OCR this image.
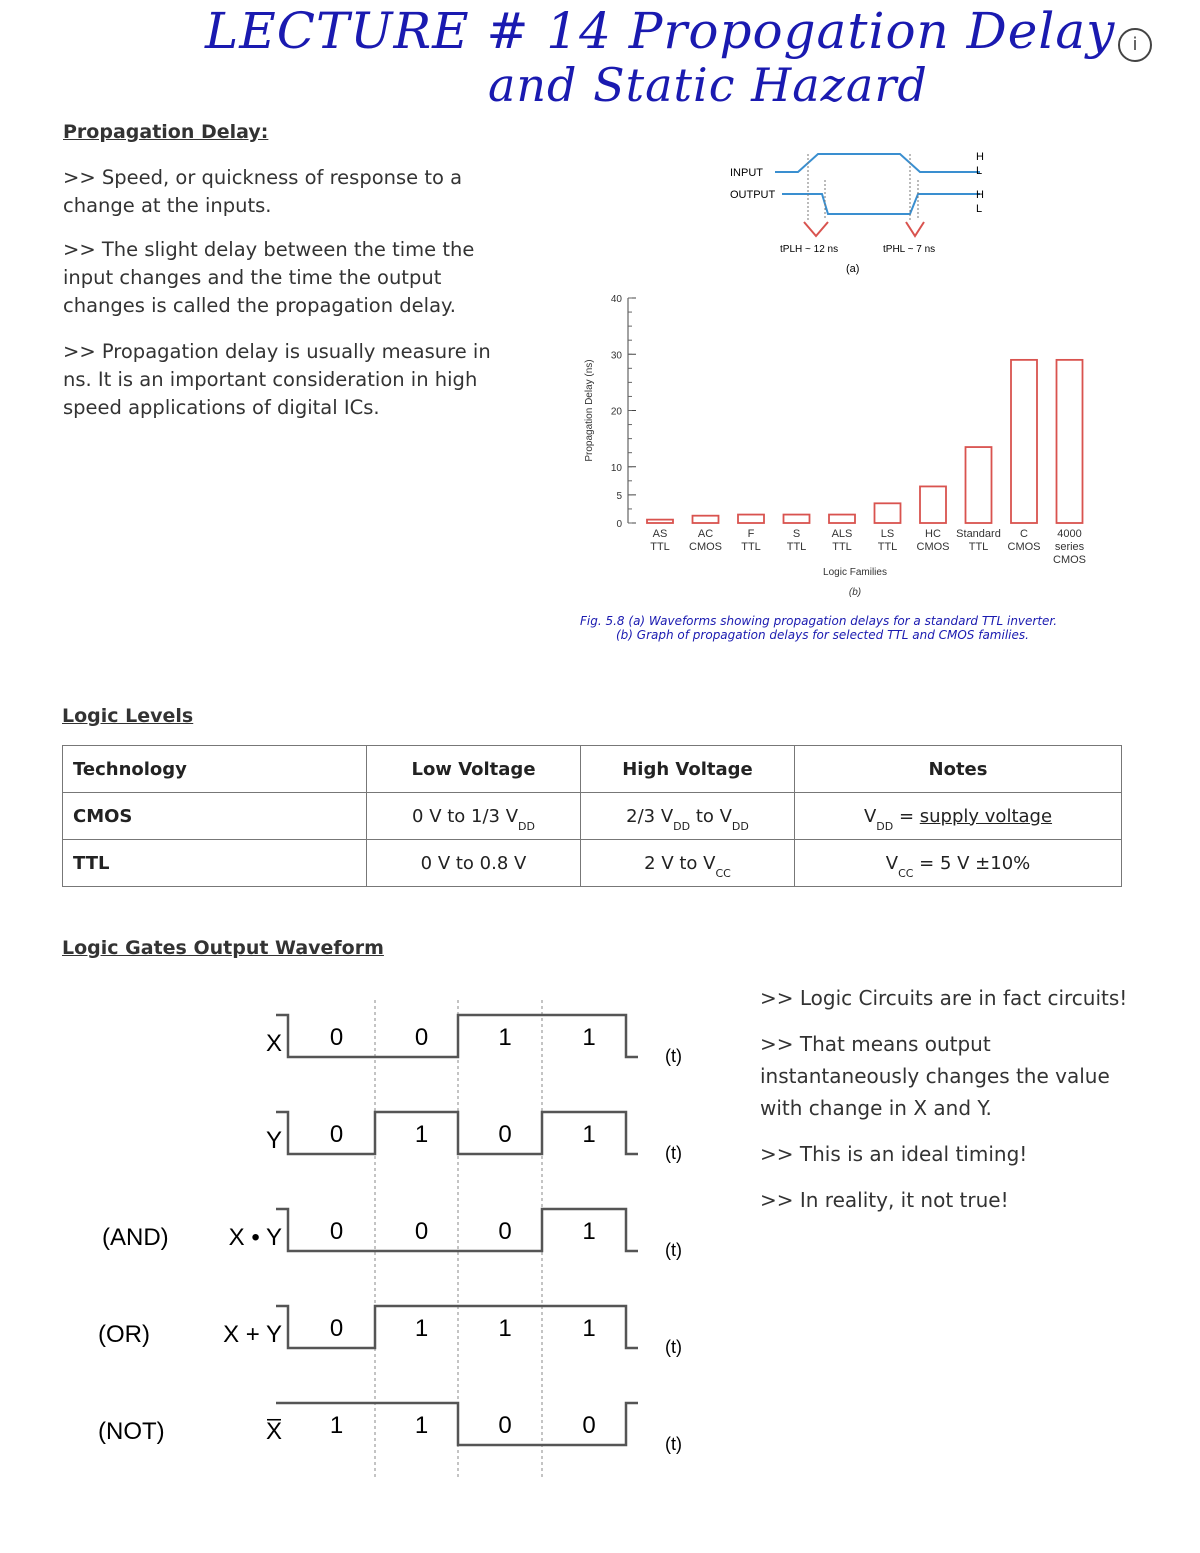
LECTURE # 14 Propogation Delay
and Static Hazard
i
Propagation Delay:
>> Speed, or quickness of response to a change at the inputs.
>> The slight delay between the time the input changes and the time the output changes is called the propagation delay.
>> Propagation delay is usually measure in ns. It is an important consideration in high speed applications of digital ICs.
INPUT
OUTPUT
H
L
H
L
tPLH ~ 12 ns	tPHL ~ 7 ns
(a)
0
5
10
20
30
40
Propagation Delay (ns)
AS
TTL
AC
CMOS
F
TTL
S
TTL
ALS
TTL
LS
TTL
HC
CMOS
Standard
TTL
C
CMOS
4000
series
CMOS
Logic Families
(b)
Fig. 5.8 (a) Waveforms showing propagation delays for a standard TTL inverter.
(b) Graph of propagation delays for selected TTL and CMOS families.
Logic Levels
Technology	Low Voltage	High Voltage	Notes
CMOS	0 V to 1/3 $V_{DD}$	2/3 $V_{DD}$ to $V_{DD}$	$V_{DD}$ = supply voltage
TTL	0 V to 0.8 V	2 V to $V_{CC}$	$V_{CC} = 5$ V ±10%
Logic Gates Output Waveform
0	0	1	1
X	(t)
0	1	0	1
Y	(t)
0	0	0	1
(AND)	X • Y	(t)
0	1	1	1
(OR)	X + Y	(t)
1	1	0	0
(NOT)	X̅	(t)

>> Logic Circuits are in fact circuits!

>> That means output instantaneously changes the value with change in X and Y.

>> This is an ideal timing!

>> In reality, it not true!
